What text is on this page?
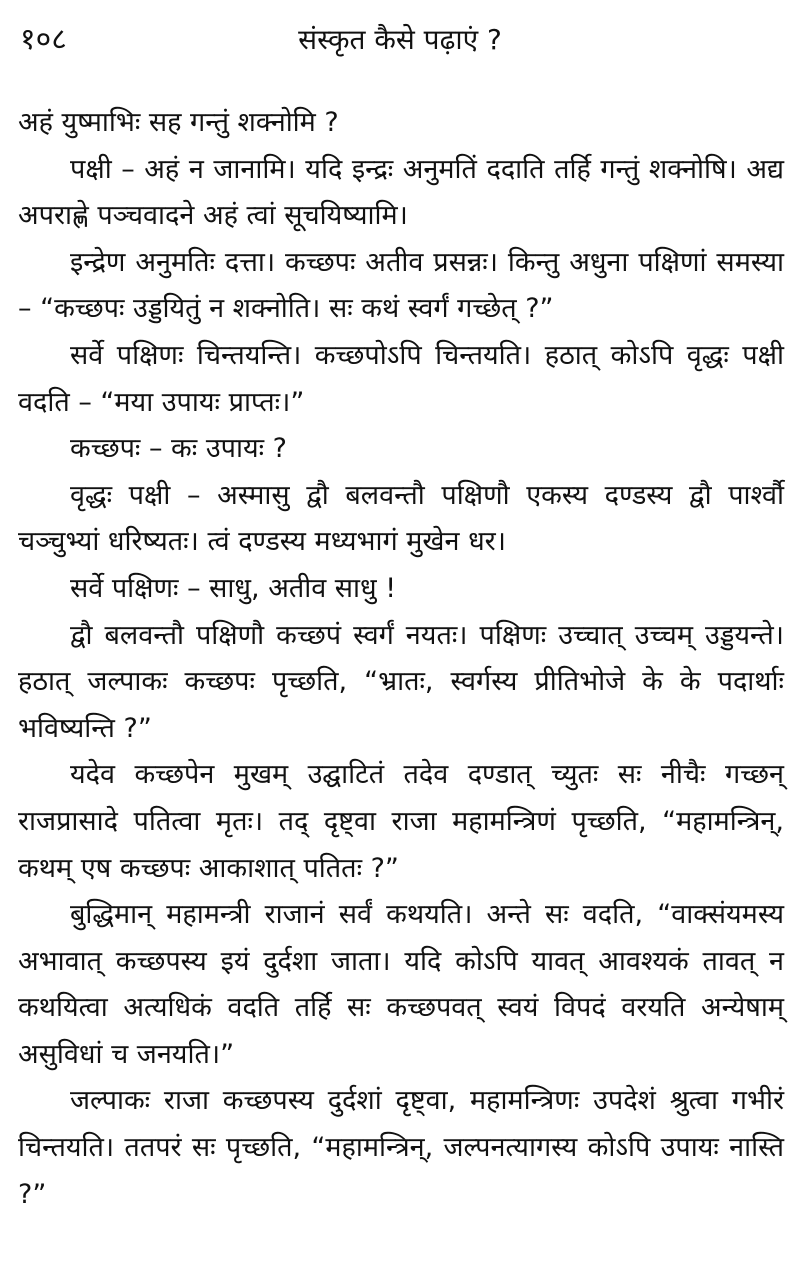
१०८	संस्कृत कैसे पढ़ाएं ?

अहं युष्माभिः सह गन्तुं शक्नोमि ?

पक्षी – अहं न जानामि। यदि इन्द्रः अनुमतिं ददाति तर्हि गन्तुं शक्नोषि। अद्य अपराह्णे पञ्चवादने अहं त्वां सूचयिष्यामि।

इन्द्रेण अनुमतिः दत्ता। कच्छपः अतीव प्रसन्नः। किन्तु अधुना पक्षिणां समस्या – “कच्छपः उड्डयितुं न शक्नोति। सः कथं स्वर्गं गच्छेत् ?”

सर्वे पक्षिणः चिन्तयन्ति। कच्छपोऽपि चिन्तयति। हठात् कोऽपि वृद्धः पक्षी वदति – “मया उपायः प्राप्तः।”

कच्छपः – कः उपायः ?

वृद्धः पक्षी – अस्मासु द्वौ बलवन्तौ पक्षिणौ एकस्य दण्डस्य द्वौ पार्श्वौ चञ्चुभ्यां धरिष्यतः। त्वं दण्डस्य मध्यभागं मुखेन धर।

सर्वे पक्षिणः – साधु, अतीव साधु !

द्वौ बलवन्तौ पक्षिणौ कच्छपं स्वर्गं नयतः। पक्षिणः उच्चात् उच्चम् उड्डयन्ते। हठात् जल्पाकः कच्छपः पृच्छति, “भ्रातः, स्वर्गस्य प्रीतिभोजे के के पदार्थाः भविष्यन्ति ?”

यदेव कच्छपेन मुखम् उद्घाटितं तदेव दण्डात् च्युतः सः नीचैः गच्छन् राजप्रासादे पतित्वा मृतः। तद् दृष्ट्वा राजा महामन्त्रिणं पृच्छति, “महामन्त्रिन्, कथम् एष कच्छपः आकाशात् पतितः ?”

बुद्धिमान् महामन्त्री राजानं सर्वं कथयति। अन्ते सः वदति, “वाक्संयमस्य अभावात् कच्छपस्य इयं दुर्दशा जाता। यदि कोऽपि यावत् आवश्यकं तावत् न कथयित्वा अत्यधिकं वदति तर्हि सः कच्छपवत् स्वयं विपदं वरयति अन्येषाम् असुविधां च जनयति।”

जल्पाकः राजा कच्छपस्य दुर्दशां दृष्ट्वा, महामन्त्रिणः उपदेशं श्रुत्वा गभीरं चिन्तयति। ततपरं सः पृच्छति, “महामन्त्रिन्, जल्पनत्यागस्य कोऽपि उपायः नास्ति ?”
